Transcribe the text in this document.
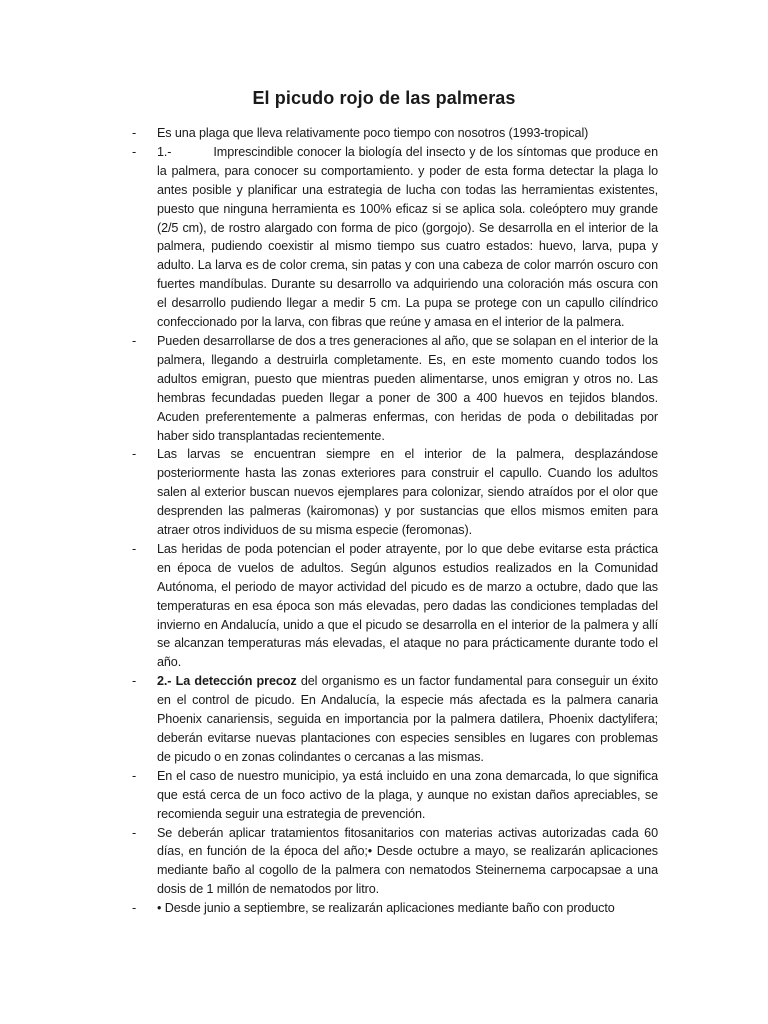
El picudo rojo de las palmeras
- Es una plaga que lleva relativamente poco tiempo con nosotros (1993-tropical)
- 1.-	Imprescindible conocer la biología del insecto y de los síntomas que produce en la palmera, para conocer su comportamiento. y poder de esta forma detectar la plaga lo antes posible y planificar una estrategia de lucha con todas las herramientas existentes, puesto que ninguna herramienta es 100% eficaz si se aplica sola. coleóptero muy grande (2/5 cm), de rostro alargado con forma de pico (gorgojo). Se desarrolla en el interior de la palmera, pudiendo coexistir al mismo tiempo sus cuatro estados: huevo, larva, pupa y adulto. La larva es de color crema, sin patas y con una cabeza de color marrón oscuro con fuertes mandíbulas. Durante su desarrollo va adquiriendo una coloración más oscura con el desarrollo pudiendo llegar a medir 5 cm. La pupa se protege con un capullo cilíndrico confeccionado por la larva, con fibras que reúne y amasa en el interior de la palmera.
- Pueden desarrollarse de dos a tres generaciones al año, que se solapan en el interior de la palmera, llegando a destruirla completamente. Es, en este momento cuando todos los adultos emigran, puesto que mientras pueden alimentarse, unos emigran y otros no. Las hembras fecundadas pueden llegar a poner de 300 a 400 huevos en tejidos blandos. Acuden preferentemente a palmeras enfermas, con heridas de poda o debilitadas por haber sido transplantadas recientemente.
- Las larvas se encuentran siempre en el interior de la palmera, desplazándose posteriormente hasta las zonas exteriores para construir el capullo. Cuando los adultos salen al exterior buscan nuevos ejemplares para colonizar, siendo atraídos por el olor que desprenden las palmeras (kairomonas) y por sustancias que ellos mismos emiten para atraer otros individuos de su misma especie (feromonas).
- Las heridas de poda potencian el poder atrayente, por lo que debe evitarse esta práctica en época de vuelos de adultos. Según algunos estudios realizados en la Comunidad Autónoma, el periodo de mayor actividad del picudo es de marzo a octubre, dado que las temperaturas en esa época son más elevadas, pero dadas las condiciones templadas del invierno en Andalucía, unido a que el picudo se desarrolla en el interior de la palmera y allí se alcanzan temperaturas más elevadas, el ataque no para prácticamente durante todo el año.
- 2.- La detección precoz del organismo es un factor fundamental para conseguir un éxito en el control de picudo. En Andalucía, la especie más afectada es la palmera canaria Phoenix canariensis, seguida en importancia por la palmera datilera, Phoenix dactylifera; deberán evitarse nuevas plantaciones con especies sensibles en lugares con problemas de picudo o en zonas colindantes o cercanas a las mismas.
- En el caso de nuestro municipio, ya está incluido en una zona demarcada, lo que significa que está cerca de un foco activo de la plaga, y aunque no existan daños apreciables, se recomienda seguir una estrategia de prevención.
- Se deberán aplicar tratamientos fitosanitarios con materias activas autorizadas cada 60 días, en función de la época del año;• Desde octubre a mayo, se realizarán aplicaciones mediante baño al cogollo de la palmera con nematodos Steinernema carpocapsae a una dosis de 1 millón de nematodos por litro.
- • Desde junio a septiembre, se realizarán aplicaciones mediante baño con producto
